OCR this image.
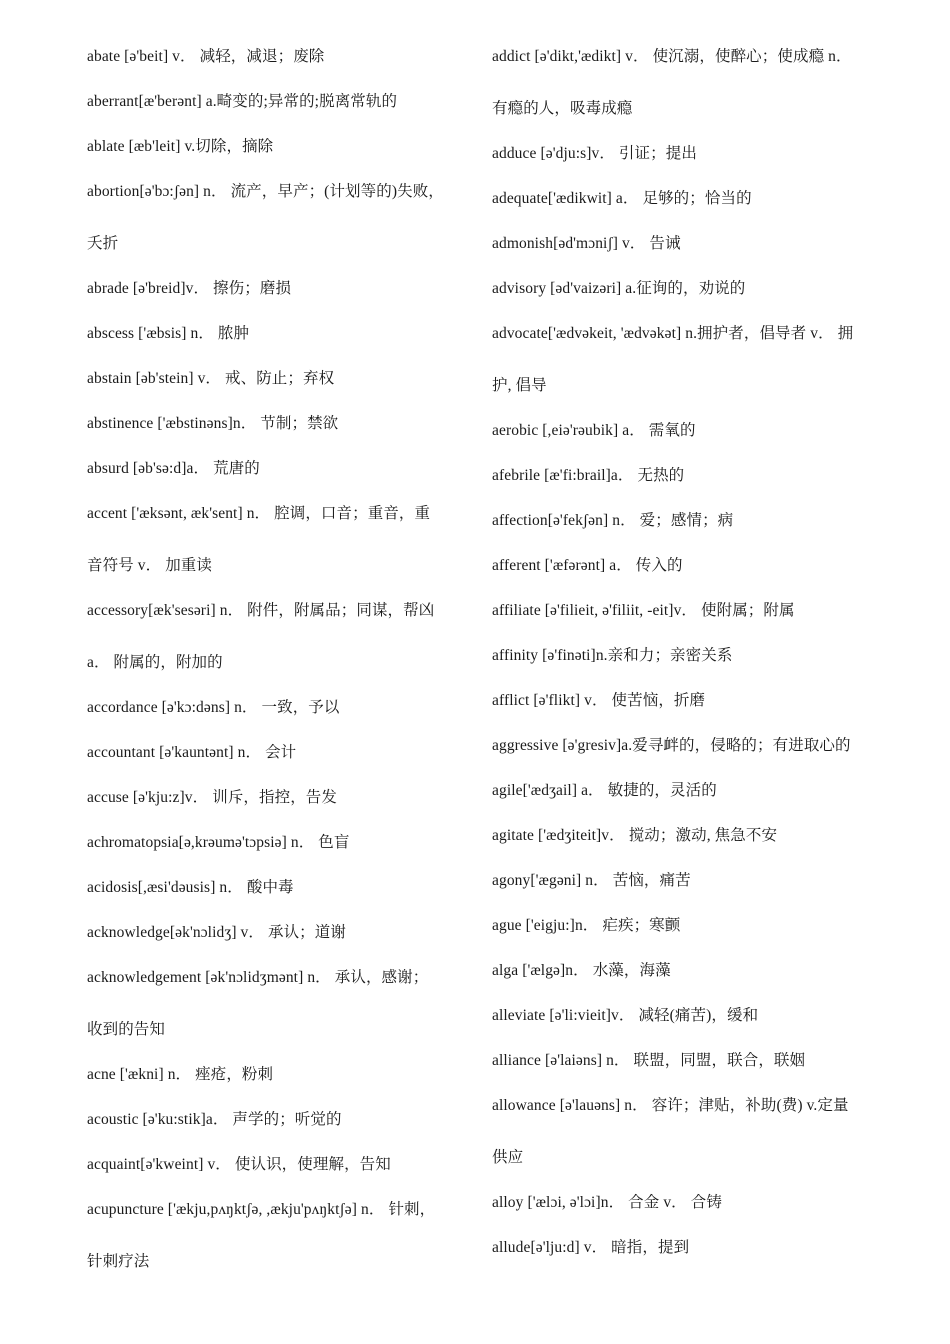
abate [ə'beit] v． 减轻，减退；废除
aberrant[æ'berənt] a.畸变的;异常的;脱离常轨的
ablate [æb'leit] v.切除，摘除
abortion[ə'bɔ:ʃən] n． 流产，早产；(计划等的)失败，
夭折
abrade [ə'breid]v． 擦伤；磨损
abscess ['æbsis] n． 脓肿
abstain [əb'stein] v． 戒、防止；弃权
abstinence ['æbstinəns]n． 节制；禁欲
absurd [əb'sə:d]a． 荒唐的
accent ['æksənt, æk'sent] n． 腔调，口音；重音，重
音符号 v． 加重读
accessory[æk'sesəri] n． 附件，附属品；同谋，帮凶
a． 附属的，附加的
accordance [ə'kɔ:dəns] n． 一致，予以
accountant [ə'kauntənt] n． 会计
accuse [ə'kju:z]v． 训斥，指控，告发
achromatopsia[ə,krəumə'tɔpsiə] n． 色盲
acidosis[,æsi'dəusis] n． 酸中毒
acknowledge[ək'nɔlidʒ] v． 承认；道谢
acknowledgement [ək'nɔlidʒmənt] n． 承认，感谢；
收到的告知
acne ['ækni] n． 痤疮，粉刺
acoustic [ə'ku:stik]a． 声学的；听觉的
acquaint[ə'kweint] v． 使认识，使理解，告知
acupuncture ['ækju,pʌŋktʃə, ,ækju'pʌŋktʃə] n． 针刺，
针刺疗法
addict [ə'dikt,'ædikt] v． 使沉溺，使醉心；使成瘾 n．
有瘾的人，吸毒成瘾
adduce [ə'dju:s]v． 引证；提出
adequate['ædikwit] a． 足够的；恰当的
admonish[əd'mɔniʃ] v． 告诫
advisory [əd'vaizəri] a.征询的，劝说的
advocate['ædvəkeit, 'ædvəkət] n.拥护者，倡导者 v． 拥
护, 倡导
aerobic [,eiə'rəubik] a． 需氧的
afebrile [æ'fi:brail]a． 无热的
affection[ə'fekʃən] n． 爱；感情；病
afferent ['æfərənt] a． 传入的
affiliate [ə'filieit, ə'filiit, -eit]v． 使附属；附属
affinity [ə'finəti]n.亲和力；亲密关系
afflict [ə'flikt] v． 使苦恼，折磨
aggressive [ə'gresiv]a.爱寻衅的，侵略的；有进取心的
agile['ædʒail] a． 敏捷的，灵活的
agitate ['ædʒiteit]v． 搅动；激动, 焦急不安
agony['ægəni] n． 苦恼，痛苦
ague ['eigju:]n． 疟疾；寒颤
alga ['ælgə]n． 水藻，海藻
alleviate [ə'li:vieit]v． 减轻(痛苦)，缓和
alliance [ə'laiəns] n． 联盟，同盟，联合，联姻
allowance [ə'lauəns] n． 容许；津贴，补助(费) v.定量
供应
alloy ['ælɔi, ə'lɔi]n． 合金 v． 合铸
allude[ə'lju:d] v． 暗指，提到
